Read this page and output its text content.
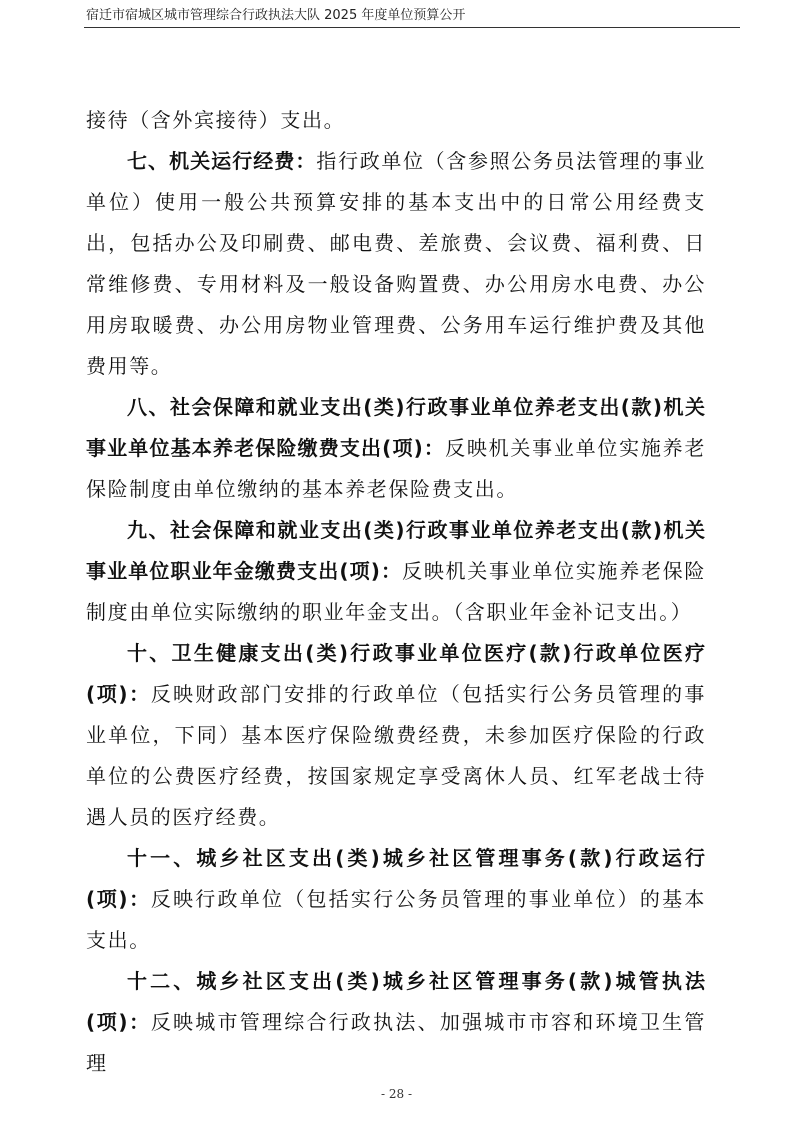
宿迁市宿城区城市管理综合行政执法大队 2025 年度单位预算公开

接待（含外宾接待）支出。

七、机关运行经费：指行政单位（含参照公务员法管理的事业单位）使用一般公共预算安排的基本支出中的日常公用经费支出，包括办公及印刷费、邮电费、差旅费、会议费、福利费、日常维修费、专用材料及一般设备购置费、办公用房水电费、办公用房取暖费、办公用房物业管理费、公务用车运行维护费及其他费用等。

八、社会保障和就业支出(类)行政事业单位养老支出(款)机关事业单位基本养老保险缴费支出(项)：反映机关事业单位实施养老保险制度由单位缴纳的基本养老保险费支出。

九、社会保障和就业支出(类)行政事业单位养老支出(款)机关事业单位职业年金缴费支出(项)：反映机关事业单位实施养老保险制度由单位实际缴纳的职业年金支出。（含职业年金补记支出。）

十、卫生健康支出(类)行政事业单位医疗(款)行政单位医疗(项)：反映财政部门安排的行政单位（包括实行公务员管理的事业单位，下同）基本医疗保险缴费经费，未参加医疗保险的行政单位的公费医疗经费，按国家规定享受离休人员、红军老战士待遇人员的医疗经费。

十一、城乡社区支出(类)城乡社区管理事务(款)行政运行(项)：反映行政单位（包括实行公务员管理的事业单位）的基本支出。

十二、城乡社区支出(类)城乡社区管理事务(款)城管执法(项)：反映城市管理综合行政执法、加强城市市容和环境卫生管理

- 28 -
